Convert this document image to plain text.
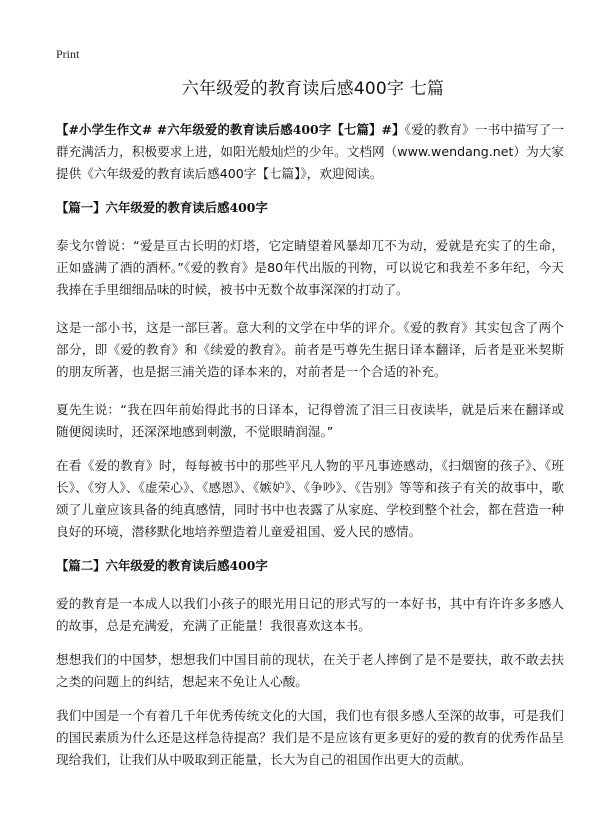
Print
六年级爱的教育读后感400字 七篇

【#小学生作文# #六年级爱的教育读后感400字【七篇】#】《爱的教育》一书中描写了一群充满活力，积极要求上进，如阳光般灿烂的少年。文档网（www.wendang.net）为大家提供《六年级爱的教育读后感400字【七篇】》，欢迎阅读。

【篇一】六年级爱的教育读后感400字

泰戈尔曾说：“爱是亘古长明的灯塔，它定睛望着风暴却兀不为动，爱就是充实了的生命，正如盛满了酒的酒杯。”《爱的教育》是80年代出版的刊物，可以说它和我差不多年纪，今天我捧在手里细细品味的时候，被书中无数个故事深深的打动了。

这是一部小书，这是一部巨著。意大利的文学在中华的评介。《爱的教育》其实包含了两个部分，即《爱的教育》和《续爱的教育》。前者是丐尊先生据日译本翻译，后者是亚米契斯的朋友所著，也是据三浦关造的译本来的，对前者是一个合适的补充。

夏先生说：“我在四年前始得此书的日译本，记得曾流了泪三日夜读毕，就是后来在翻译或随便阅读时，还深深地感到刺激，不觉眼睛润湿。”

在看《爱的教育》时，每每被书中的那些平凡人物的平凡事迹感动，《扫烟窗的孩子》、《班长》、《穷人》、《虚荣心》、《感恩》、《嫉妒》、《争吵》、《告别》等等和孩子有关的故事中，歌颂了儿童应该具备的纯真感情，同时书中也表露了从家庭、学校到整个社会，都在营造一种良好的环境，潜移默化地培养塑造着儿童爱祖国、爱人民的感情。

【篇二】六年级爱的教育读后感400字

爱的教育是一本成人以我们小孩子的眼光用日记的形式写的一本好书，其中有许许多多感人的故事，总是充满爱，充满了正能量！我很喜欢这本书。

想想我们的中国梦，想想我们中国目前的现状，在关于老人摔倒了是不是要扶，敢不敢去扶之类的问题上的纠结，想起来不免让人心酸。

我们中国是一个有着几千年优秀传统文化的大国，我们也有很多感人至深的故事，可是我们的国民素质为什么还是这样急待提高？我们是不是应该有更多更好的爱的教育的优秀作品呈现给我们，让我们从中吸取到正能量，长大为自己的祖国作出更大的贡献。
